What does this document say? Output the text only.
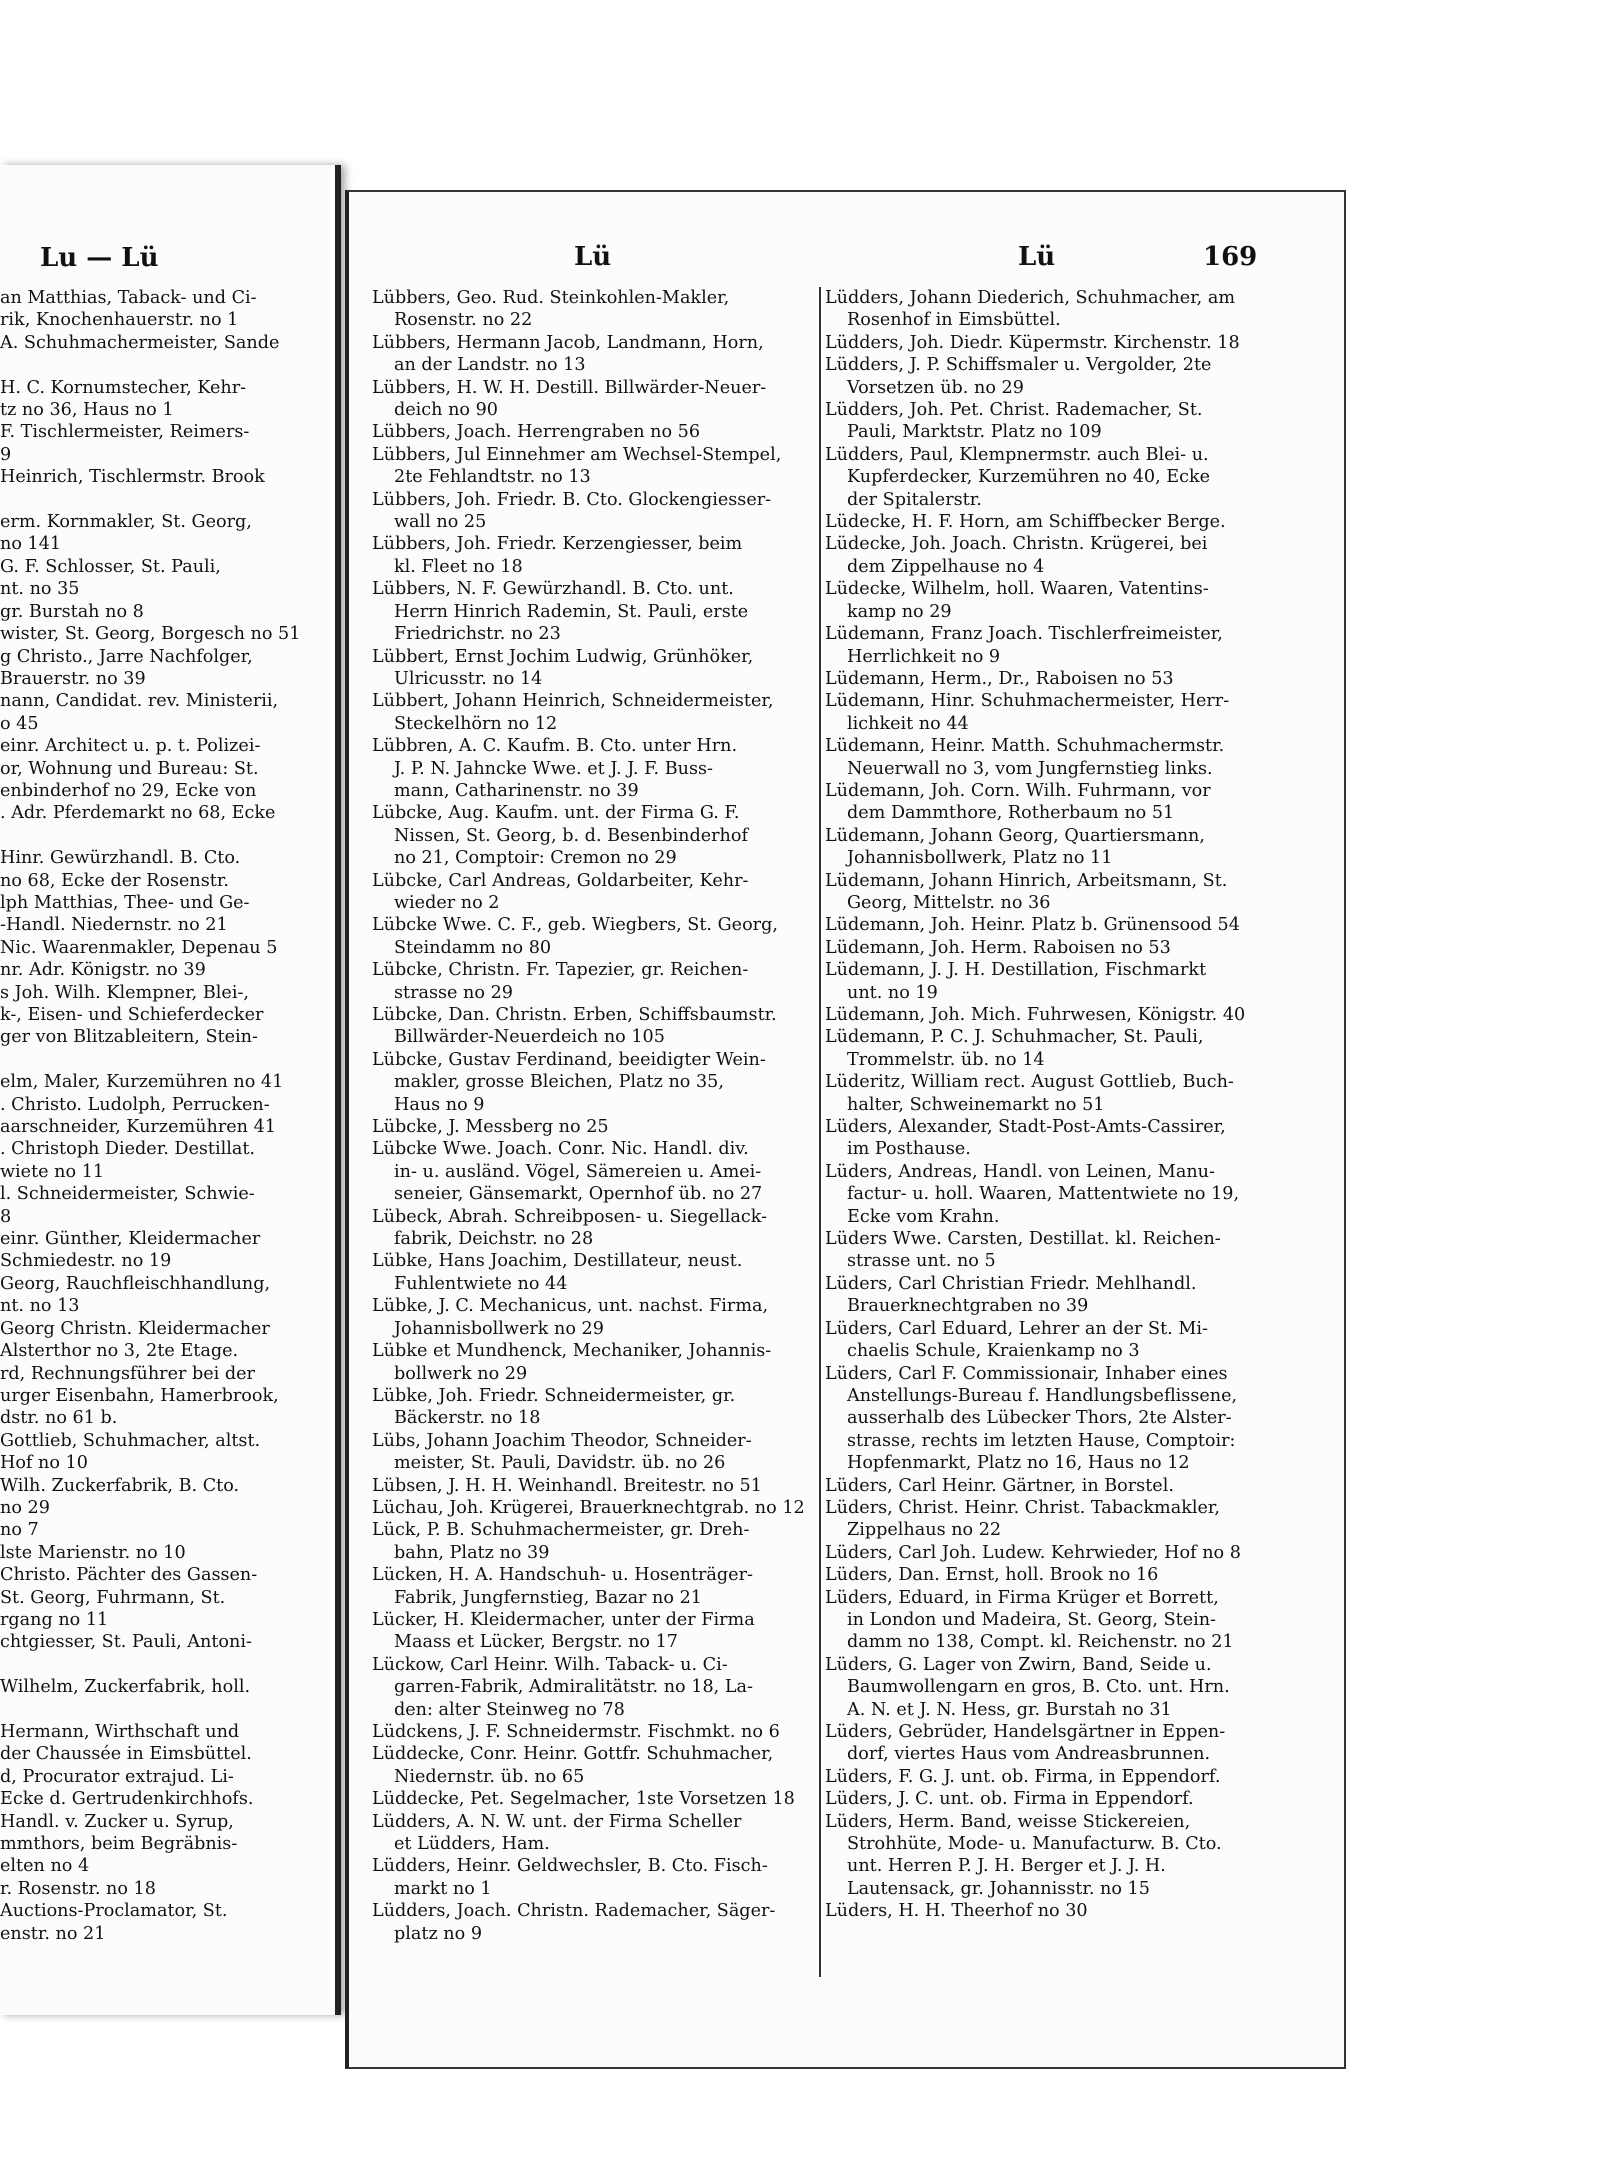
Lu — Lü
an Matthias, Taback- und Ci-
rik, Knochenhauerstr. no 1
A. Schuhmachermeister, Sande

H. C. Kornumstecher, Kehr-
tz no 36, Haus no 1
F. Tischlermeister, Reimers-
9
Heinrich, Tischlermstr. Brook

erm. Kornmakler, St. Georg,
no 141
G. F. Schlosser, St. Pauli,
nt. no 35
gr. Burstah no 8
wister, St. Georg, Borgesch no 51
g Christo., Jarre Nachfolger,
Brauerstr. no 39
nann, Candidat. rev. Ministerii,
o 45
einr. Architect u. p. t. Polizei-
or, Wohnung und Bureau: St.
enbinderhof no 29, Ecke von
. Adr. Pferdemarkt no 68, Ecke

Hinr. Gewürzhandl. B. Cto.
no 68, Ecke der Rosenstr.
lph Matthias, Thee- und Ge-
-Handl. Niedernstr. no 21
Nic. Waarenmakler, Depenau 5
nr. Adr. Königstr. no 39
s Joh. Wilh. Klempner, Blei-,
k-, Eisen- und Schieferdecker
ger von Blitzableitern, Stein-

elm, Maler, Kurzemühren no 41
. Christo. Ludolph, Perrucken-
aarschneider, Kurzemühren 41
. Christoph Dieder. Destillat.
wiete no 11
l. Schneidermeister, Schwie-
8
einr. Günther, Kleidermacher
Schmiedestr. no 19
Georg, Rauchfleischhandlung,
nt. no 13
Georg Christn. Kleidermacher
Alsterthor no 3, 2te Etage.
rd, Rechnungsführer bei der
urger Eisenbahn, Hamerbrook,
dstr. no 61 b.
Gottlieb, Schuhmacher, altst.
Hof no 10
Wilh. Zuckerfabrik, B. Cto.
no 29
no 7
lste Marienstr. no 10
Christo. Pächter des Gassen-
St. Georg, Fuhrmann, St.
rgang no 11
chtgiesser, St. Pauli, Antoni-

Wilhelm, Zuckerfabrik, holl.

Hermann, Wirthschaft und
der Chaussée in Eimsbüttel.
d, Procurator extrajud. Li-
Ecke d. Gertrudenkirchhofs.
Handl. v. Zucker u. Syrup,
mmthors, beim Begräbnis-
elten no 4
r. Rosenstr. no 18
Auctions-Proclamator, St.
enstr. no 21
Lü	Lü	169
Lübbers, Geo. Rud. Steinkohlen-Makler,
Rosenstr. no 22
Lübbers, Hermann Jacob, Landmann, Horn,
an der Landstr. no 13
Lübbers, H. W. H. Destill. Billwärder-Neuer-
deich no 90
Lübbers, Joach. Herrengraben no 56
Lübbers, Jul Einnehmer am Wechsel-Stempel,
2te Fehlandtstr. no 13
Lübbers, Joh. Friedr. B. Cto. Glockengiesser-
wall no 25
Lübbers, Joh. Friedr. Kerzengiesser, beim
kl. Fleet no 18
Lübbers, N. F. Gewürzhandl. B. Cto. unt.
Herrn Hinrich Rademin, St. Pauli, erste
Friedrichstr. no 23
Lübbert, Ernst Jochim Ludwig, Grünhöker,
Ulricusstr. no 14
Lübbert, Johann Heinrich, Schneidermeister,
Steckelhörn no 12
Lübbren, A. C. Kaufm. B. Cto. unter Hrn.
J. P. N. Jahncke Wwe. et J. J. F. Buss-
mann, Catharinenstr. no 39
Lübcke, Aug. Kaufm. unt. der Firma G. F.
Nissen, St. Georg, b. d. Besenbinderhof
no 21, Comptoir: Cremon no 29
Lübcke, Carl Andreas, Goldarbeiter, Kehr-
wieder no 2
Lübcke Wwe. C. F., geb. Wiegbers, St. Georg,
Steindamm no 80
Lübcke, Christn. Fr. Tapezier, gr. Reichen-
strasse no 29
Lübcke, Dan. Christn. Erben, Schiffsbaumstr.
Billwärder-Neuerdeich no 105
Lübcke, Gustav Ferdinand, beeidigter Wein-
makler, grosse Bleichen, Platz no 35,
Haus no 9
Lübcke, J. Messberg no 25
Lübcke Wwe. Joach. Conr. Nic. Handl. div.
in- u. ausländ. Vögel, Sämereien u. Amei-
seneier, Gänsemarkt, Opernhof üb. no 27
Lübeck, Abrah. Schreibposen- u. Siegellack-
fabrik, Deichstr. no 28
Lübke, Hans Joachim, Destillateur, neust.
Fuhlentwiete no 44
Lübke, J. C. Mechanicus, unt. nachst. Firma,
Johannisbollwerk no 29
Lübke et Mundhenck, Mechaniker, Johannis-
bollwerk no 29
Lübke, Joh. Friedr. Schneidermeister, gr.
Bäckerstr. no 18
Lübs, Johann Joachim Theodor, Schneider-
meister, St. Pauli, Davidstr. üb. no 26
Lübsen, J. H. H. Weinhandl. Breitestr. no 51
Lüchau, Joh. Krügerei, Brauerknechtgrab. no 12
Lück, P. B. Schuhmachermeister, gr. Dreh-
bahn, Platz no 39
Lücken, H. A. Handschuh- u. Hosenträger-
Fabrik, Jungfernstieg, Bazar no 21
Lücker, H. Kleidermacher, unter der Firma
Maass et Lücker, Bergstr. no 17
Lückow, Carl Heinr. Wilh. Taback- u. Ci-
garren-Fabrik, Admiralitätstr. no 18, La-
den: alter Steinweg no 78
Lüdckens, J. F. Schneidermstr. Fischmkt. no 6
Lüddecke, Conr. Heinr. Gottfr. Schuhmacher,
Niedernstr. üb. no 65
Lüddecke, Pet. Segelmacher, 1ste Vorsetzen 18
Lüdders, A. N. W. unt. der Firma Scheller
et Lüdders, Ham.
Lüdders, Heinr. Geldwechsler, B. Cto. Fisch-
markt no 1
Lüdders, Joach. Christn. Rademacher, Säger-
platz no 9
Lüdders, Johann Diederich, Schuhmacher, am
Rosenhof in Eimsbüttel.
Lüdders, Joh. Diedr. Küpermstr. Kirchenstr. 18
Lüdders, J. P. Schiffsmaler u. Vergolder, 2te
Vorsetzen üb. no 29
Lüdders, Joh. Pet. Christ. Rademacher, St.
Pauli, Marktstr. Platz no 109
Lüdders, Paul, Klempnermstr. auch Blei- u.
Kupferdecker, Kurzemühren no 40, Ecke
der Spitalerstr.
Lüdecke, H. F. Horn, am Schiffbecker Berge.
Lüdecke, Joh. Joach. Christn. Krügerei, bei
dem Zippelhause no 4
Lüdecke, Wilhelm, holl. Waaren, Vatentins-
kamp no 29
Lüdemann, Franz Joach. Tischlerfreimeister,
Herrlichkeit no 9
Lüdemann, Herm., Dr., Raboisen no 53
Lüdemann, Hinr. Schuhmachermeister, Herr-
lichkeit no 44
Lüdemann, Heinr. Matth. Schuhmachermstr.
Neuerwall no 3, vom Jungfernstieg links.
Lüdemann, Joh. Corn. Wilh. Fuhrmann, vor
dem Dammthore, Rotherbaum no 51
Lüdemann, Johann Georg, Quartiersmann,
Johannisbollwerk, Platz no 11
Lüdemann, Johann Hinrich, Arbeitsmann, St.
Georg, Mittelstr. no 36
Lüdemann, Joh. Heinr. Platz b. Grünensood 54
Lüdemann, Joh. Herm. Raboisen no 53
Lüdemann, J. J. H. Destillation, Fischmarkt
unt. no 19
Lüdemann, Joh. Mich. Fuhrwesen, Königstr. 40
Lüdemann, P. C. J. Schuhmacher, St. Pauli,
Trommelstr. üb. no 14
Lüderitz, William rect. August Gottlieb, Buch-
halter, Schweinemarkt no 51
Lüders, Alexander, Stadt-Post-Amts-Cassirer,
im Posthause.
Lüders, Andreas, Handl. von Leinen, Manu-
factur- u. holl. Waaren, Mattentwiete no 19,
Ecke vom Krahn.
Lüders Wwe. Carsten, Destillat. kl. Reichen-
strasse unt. no 5
Lüders, Carl Christian Friedr. Mehlhandl.
Brauerknechtgraben no 39
Lüders, Carl Eduard, Lehrer an der St. Mi-
chaelis Schule, Kraienkamp no 3
Lüders, Carl F. Commissionair, Inhaber eines
Anstellungs-Bureau f. Handlungsbeflissene,
ausserhalb des Lübecker Thors, 2te Alster-
strasse, rechts im letzten Hause, Comptoir:
Hopfenmarkt, Platz no 16, Haus no 12
Lüders, Carl Heinr. Gärtner, in Borstel.
Lüders, Christ. Heinr. Christ. Tabackmakler,
Zippelhaus no 22
Lüders, Carl Joh. Ludew. Kehrwieder, Hof no 8
Lüders, Dan. Ernst, holl. Brook no 16
Lüders, Eduard, in Firma Krüger et Borrett,
in London und Madeira, St. Georg, Stein-
damm no 138, Compt. kl. Reichenstr. no 21
Lüders, G. Lager von Zwirn, Band, Seide u.
Baumwollengarn en gros, B. Cto. unt. Hrn.
A. N. et J. N. Hess, gr. Burstah no 31
Lüders, Gebrüder, Handelsgärtner in Eppen-
dorf, viertes Haus vom Andreasbrunnen.
Lüders, F. G. J. unt. ob. Firma, in Eppendorf.
Lüders, J. C. unt. ob. Firma in Eppendorf.
Lüders, Herm. Band, weisse Stickereien,
Strohhüte, Mode- u. Manufacturw. B. Cto.
unt. Herren P. J. H. Berger et J. J. H.
Lautensack, gr. Johannisstr. no 15
Lüders, H. H. Theerhof no 30
